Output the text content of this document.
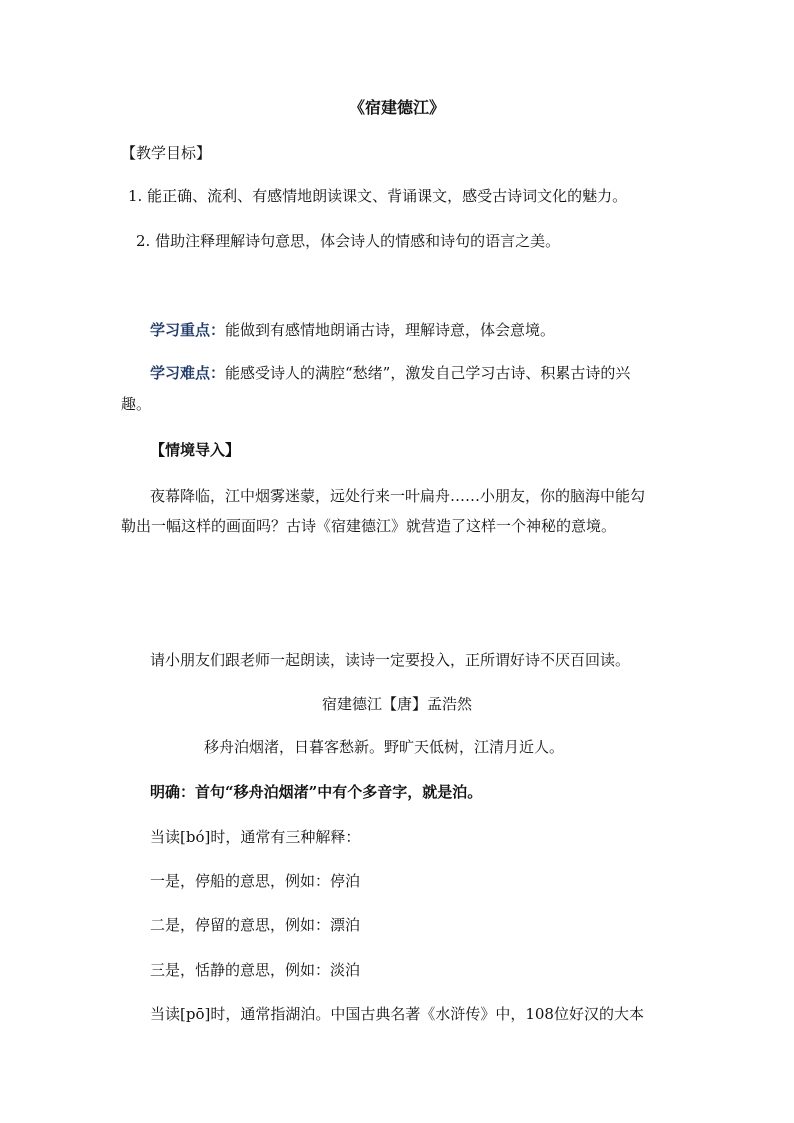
《宿建德江》

【教学目标】

1. 能正确、流利、有感情地朗读课文、背诵课文，感受古诗词文化的魅力。

2. 借助注释理解诗句意思，体会诗人的情感和诗句的语言之美。

学习重点：能做到有感情地朗诵古诗，理解诗意，体会意境。

学习难点：能感受诗人的满腔“愁绪”，激发自己学习古诗、积累古诗的兴

趣。

【情境导入】

夜幕降临，江中烟雾迷蒙，远处行来一叶扁舟……小朋友，你的脑海中能勾

勒出一幅这样的画面吗？古诗《宿建德江》就营造了这样一个神秘的意境。

请小朋友们跟老师一起朗读，读诗一定要投入，正所谓好诗不厌百回读。

宿建德江【唐】孟浩然

移舟泊烟渚，日暮客愁新。野旷天低树，江清月近人。

明确：首句“移舟泊烟渚”中有个多音字，就是泊。

当读[bó]时，通常有三种解释：

一是，停船的意思，例如：停泊

二是，停留的意思，例如：漂泊

三是，恬静的意思，例如：淡泊

当读[pō]时，通常指湖泊。中国古典名著《水浒传》中，108位好汉的大本
